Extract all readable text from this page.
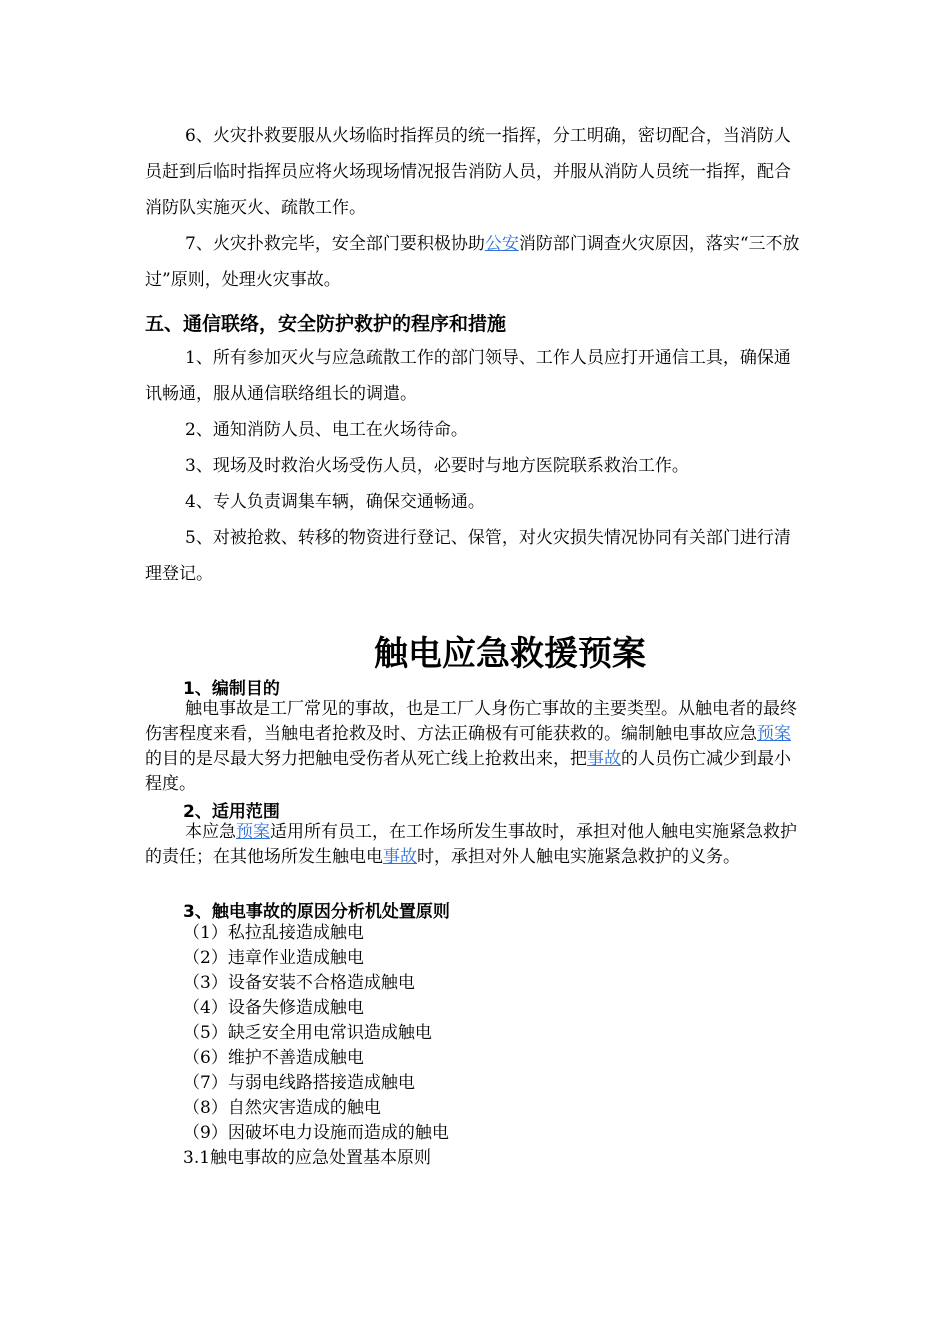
6、火灾扑救要服从火场临时指挥员的统一指挥，分工明确，密切配合，当消防人员赶到后临时指挥员应将火场现场情况报告消防人员，并服从消防人员统一指挥，配合消防队实施灭火、疏散工作。

7、火灾扑救完毕，安全部门要积极协助公安消防部门调查火灾原因，落实“三不放过”原则，处理火灾事故。

五、通信联络，安全防护救护的程序和措施

1、所有参加灭火与应急疏散工作的部门领导、工作人员应打开通信工具，确保通讯畅通，服从通信联络组长的调遣。

2、通知消防人员、电工在火场待命。

3、现场及时救治火场受伤人员，必要时与地方医院联系救治工作。

4、专人负责调集车辆，确保交通畅通。

5、对被抢救、转移的物资进行登记、保管，对火灾损失情况协同有关部门进行清理登记。

触电应急救援预案
1、编制目的

触电事故是工厂常见的事故，也是工厂人身伤亡事故的主要类型。从触电者的最终伤害程度来看，当触电者抢救及时、方法正确极有可能获救的。编制触电事故应急预案的目的是尽最大努力把触电受伤者从死亡线上抢救出来，把事故的人员伤亡减少到最小程度。

2、适用范围

本应急预案适用所有员工，在工作场所发生事故时，承担对他人触电实施紧急救护的责任；在其他场所发生触电电事故时，承担对外人触电实施紧急救护的义务。

3、触电事故的原因分析机处置原则
（1）私拉乱接造成触电
（2）违章作业造成触电
（3）设备安装不合格造成触电
（4）设备失修造成触电
（5）缺乏安全用电常识造成触电
（6）维护不善造成触电
（7）与弱电线路搭接造成触电
（8）自然灾害造成的触电
（9）因破坏电力设施而造成的触电
3.1触电事故的应急处置基本原则
